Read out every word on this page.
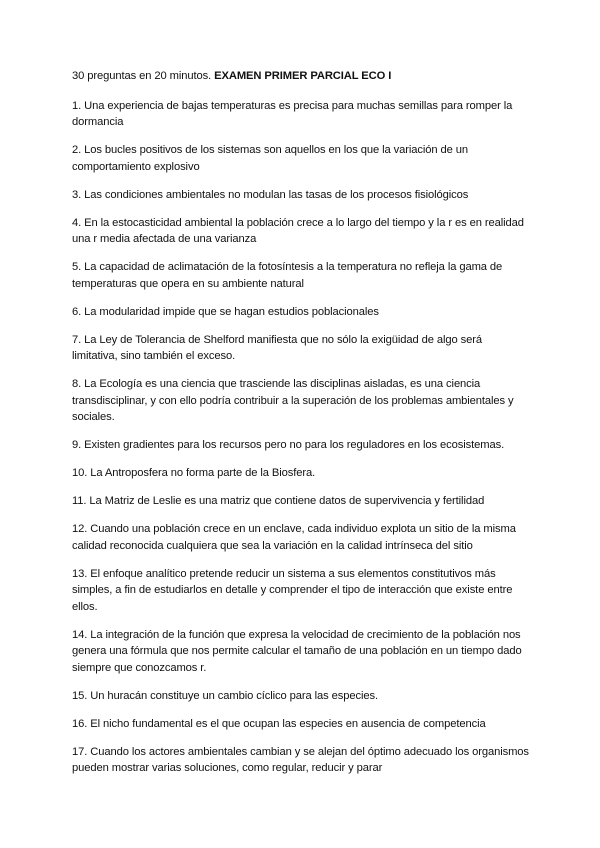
30 preguntas en 20 minutos. EXAMEN PRIMER PARCIAL ECO I

1. Una experiencia de bajas temperaturas es precisa para muchas semillas para romper la dormancia

2. Los bucles positivos de los sistemas son aquellos en los que la variación de un comportamiento explosivo

3. Las condiciones ambientales no modulan las tasas de los procesos fisiológicos

4. En la estocasticidad ambiental la población crece a lo largo del tiempo y la r es en realidad una r media afectada de una varianza

5. La capacidad de aclimatación de la fotosíntesis a la temperatura no refleja la gama de temperaturas que opera en su ambiente natural

6. La modularidad impide que se hagan estudios poblacionales

7. La Ley de Tolerancia de Shelford manifiesta que no sólo la exigüidad de algo será limitativa, sino también el exceso.

8. La Ecología es una ciencia que trasciende las disciplinas aisladas, es una ciencia transdisciplinar, y con ello podría contribuir a la superación de los problemas ambientales y sociales.

9. Existen gradientes para los recursos pero no para los reguladores en los ecosistemas.

10. La Antroposfera no forma parte de la Biosfera.

11. La Matriz de Leslie es una matriz que contiene datos de supervivencia y fertilidad

12. Cuando una población crece en un enclave, cada individuo explota un sitio de la misma calidad reconocida cualquiera que sea la variación en la calidad intrínseca del sitio

13. El enfoque analítico pretende reducir un sistema a sus elementos constitutivos más simples, a fin de estudiarlos en detalle y comprender el tipo de interacción que existe entre ellos.

14. La integración de la función que expresa la velocidad de crecimiento de la población nos genera una fórmula que nos permite calcular el tamaño de una población en un tiempo dado siempre que conozcamos r.

15. Un huracán constituye un cambio cíclico para las especies.

16. El nicho fundamental es el que ocupan las especies en ausencia de competencia

17. Cuando los actores ambientales cambian y se alejan del óptimo adecuado los organismos pueden mostrar varias soluciones, como regular, reducir y parar
